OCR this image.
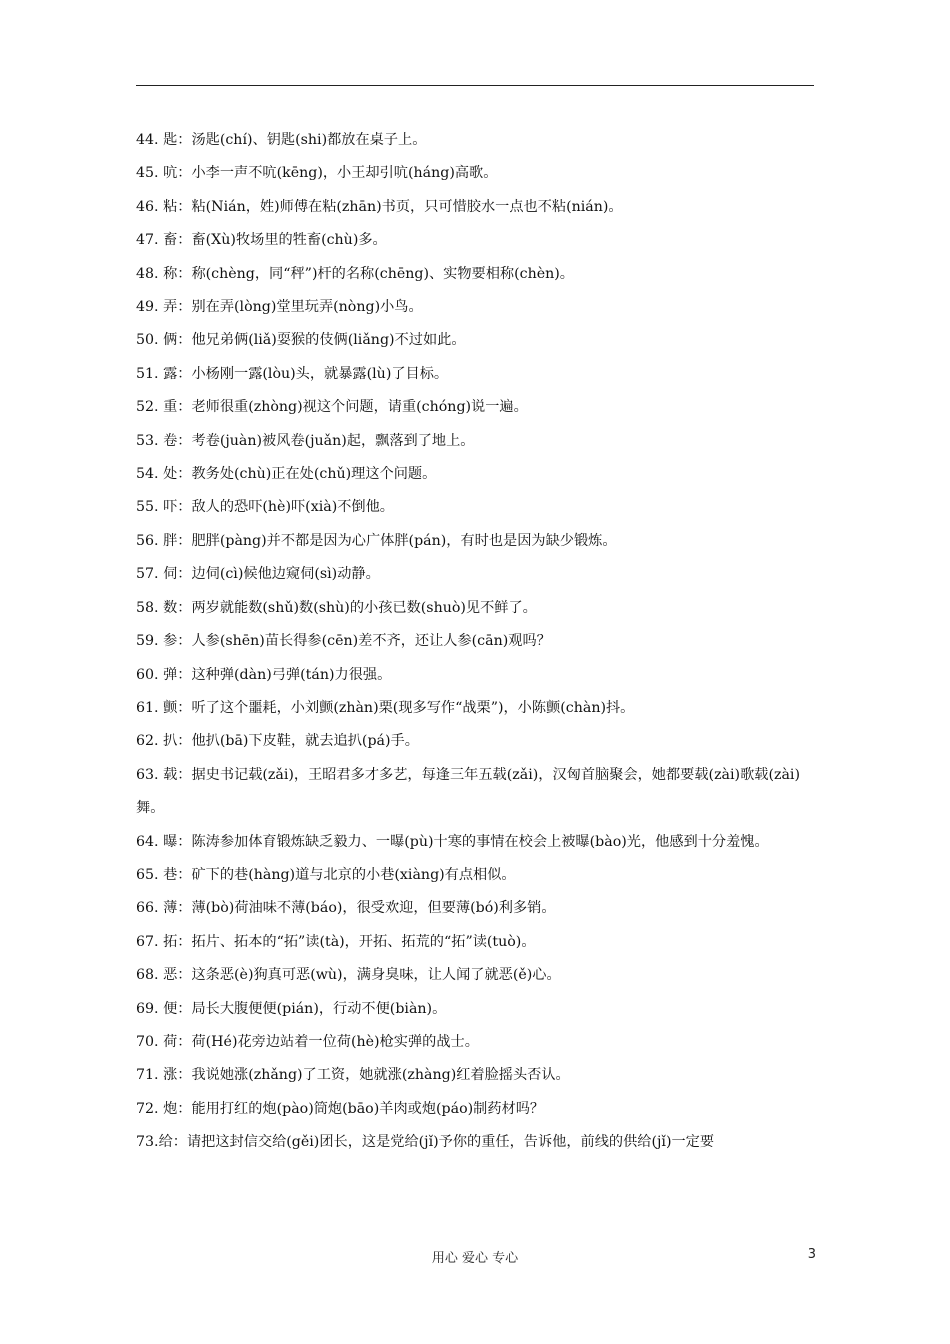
44. 匙：汤匙(chí)、钥匙(shi)都放在桌子上。

45. 吭：小李一声不吭(kēng)，小王却引吭(háng)高歌。

46. 粘：粘(Nián，姓)师傅在粘(zhān)书页，只可惜胶水一点也不粘(nián)。

47. 畜：畜(Xù)牧场里的牲畜(chù)多。

48. 称：称(chèng，同“秤”)杆的名称(chēng)、实物要相称(chèn)。

49. 弄：别在弄(lòng)堂里玩弄(nòng)小鸟。

50. 俩：他兄弟俩(liǎ)耍猴的伎俩(liǎng)不过如此。

51. 露：小杨刚一露(lòu)头，就暴露(lù)了目标。

52. 重：老师很重(zhòng)视这个问题，请重(chóng)说一遍。

53. 卷：考卷(juàn)被风卷(juǎn)起，飘落到了地上。

54. 处：教务处(chù)正在处(chǔ)理这个问题。

55. 吓：敌人的恐吓(hè)吓(xià)不倒他。

56. 胖：肥胖(pàng)并不都是因为心广体胖(pán)，有时也是因为缺少锻炼。

57. 伺：边伺(cì)候他边窥伺(sì)动静。

58. 数：两岁就能数(shǔ)数(shù)的小孩已数(shuò)见不鲜了。

59. 参：人参(shēn)苗长得参(cēn)差不齐，还让人参(cān)观吗？

60. 弹：这种弹(dàn)弓弹(tán)力很强。

61. 颤：听了这个噩耗，小刘颤(zhàn)栗(现多写作“战栗”)，小陈颤(chàn)抖。

62. 扒：他扒(bā)下皮鞋，就去追扒(pá)手。

63. 载：据史书记载(zǎi)，王昭君多才多艺，每逢三年五载(zǎi)，汉匈首脑聚会，她都要载(zài)歌载(zài)舞。

64. 曝：陈涛参加体育锻炼缺乏毅力、一曝(pù)十寒的事情在校会上被曝(bào)光，他感到十分羞愧。

65. 巷：矿下的巷(hàng)道与北京的小巷(xiàng)有点相似。

66. 薄：薄(bò)荷油味不薄(báo)，很受欢迎，但要薄(bó)利多销。

67. 拓：拓片、拓本的“拓”读(tà)，开拓、拓荒的“拓”读(tuò)。

68. 恶：这条恶(è)狗真可恶(wù)，满身臭味，让人闻了就恶(ě)心。

69. 便：局长大腹便便(pián)，行动不便(biàn)。

70. 荷：荷(Hé)花旁边站着一位荷(hè)枪实弹的战士。

71. 涨：我说她涨(zhǎng)了工资，她就涨(zhàng)红着脸摇头否认。

72. 炮：能用打红的炮(pào)筒炮(bāo)羊肉或炮(páo)制药材吗？

73.给：请把这封信交给(gěi)团长，这是党给(jǐ)予你的重任，告诉他，前线的供给(jǐ)一定要

用心 爱心 专心	3
